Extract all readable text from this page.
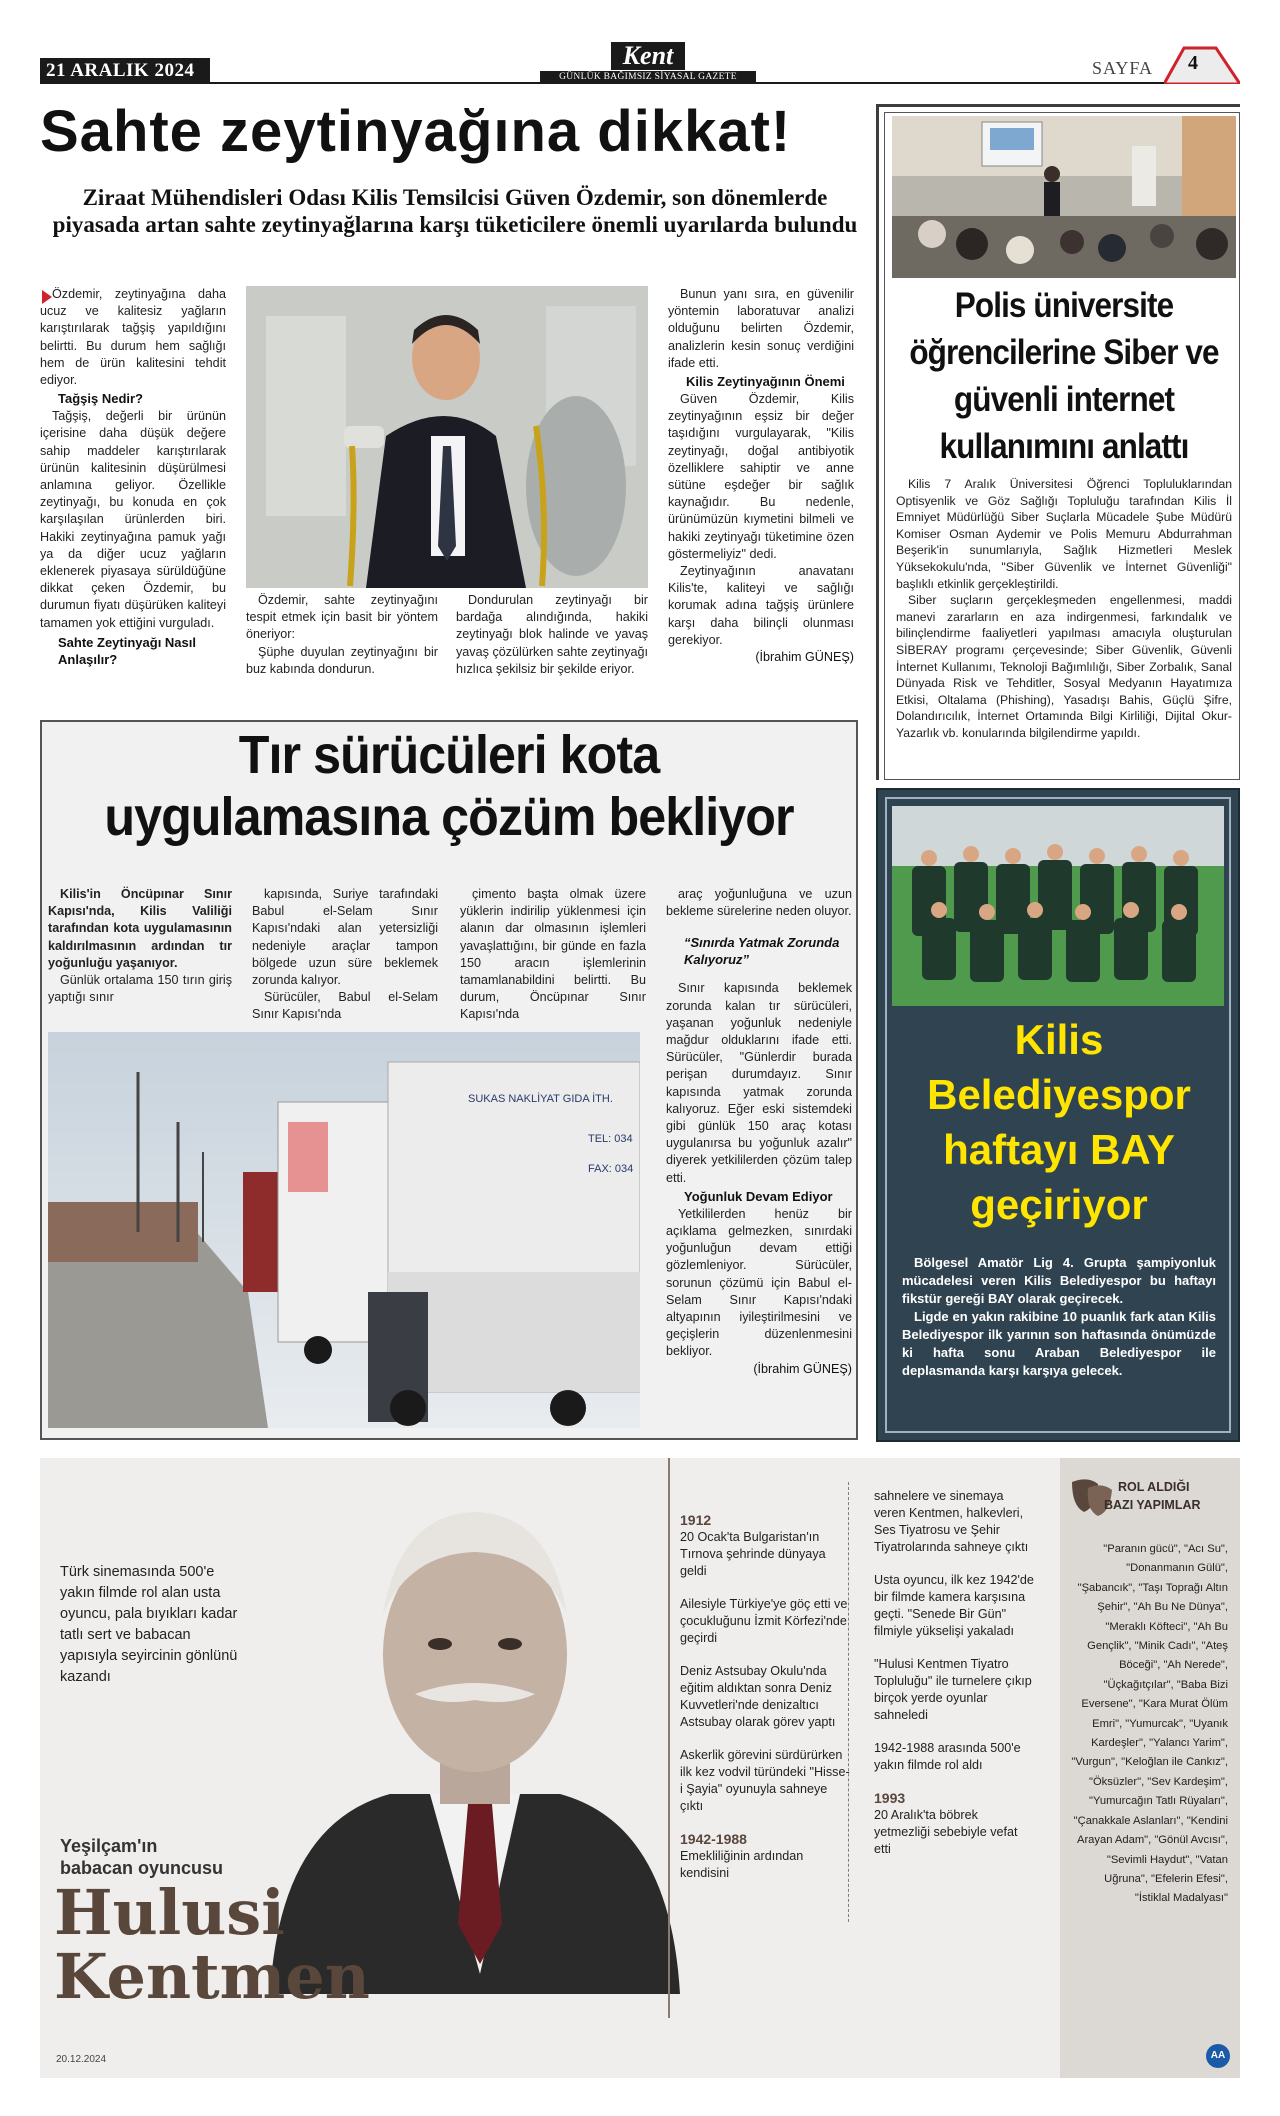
21 ARALIK 2024
Kent
GÜNLÜK BAĞIMSIZ SİYASAL GAZETE	SAYFA	4
Sahte zeytinyağına dikkat!
Ziraat Mühendisleri Odası Kilis Temsilcisi Güven Özdemir, son dönemlerde piyasada artan sahte zeytinyağlarına karşı tüketicilere önemli uyarılarda bulundu

Özdemir, zeytinyağına daha ucuz ve kalitesiz yağların karıştırılarak tağşiş yapıldığını belirtti. Bu durum hem sağlığı hem de ürün kalitesini tehdit ediyor.

Tağşiş Nedir?

Tağşiş, değerli bir ürünün içerisine daha düşük değere sahip maddeler karıştırılarak ürünün kalitesinin düşürülmesi anlamına geliyor. Özellikle zeytinyağı, bu konuda en çok karşılaşılan ürünlerden biri. Hakiki zeytinyağına pamuk yağı ya da diğer ucuz yağların eklenerek piyasaya sürüldüğüne dikkat çeken Özdemir, bu durumun fiyatı düşürüken kaliteyi tamamen yok ettiğini vurguladı.

Sahte Zeytinyağı Nasıl Anlaşılır?

Özdemir, sahte zeytinyağını tespit etmek için basit bir yöntem öneriyor:

Şüphe duyulan zeytinyağını bir buz kabında dondurun.

Dondurulan zeytinyağı bir bardağa alındığında, hakiki zeytinyağı blok halinde ve yavaş yavaş çözülürken sahte zeytinyağı hızlıca şekilsiz bir şekilde eriyor.

Bunun yanı sıra, en güvenilir yöntemin laboratuvar analizi olduğunu belirten Özdemir, analizlerin kesin sonuç verdiğini ifade etti.

Kilis Zeytinyağının Önemi

Güven Özdemir, Kilis zeytinyağının eşsiz bir değer taşıdığını vurgulayarak, "Kilis zeytinyağı, doğal antibiyotik özelliklere sahiptir ve anne sütüne eşdeğer bir sağlık kaynağıdır. Bu nedenle, ürünümüzün kıymetini bilmeli ve hakiki zeytinyağı tüketimine özen göstermeliyiz" dedi.

Zeytinyağının anavatanı Kilis'te, kaliteyi ve sağlığı korumak adına tağşiş ürünlere karşı daha bilinçli olunması gerekiyor.

(İbrahim GÜNEŞ)
Polis üniversite öğrencilerine Siber ve güvenli internet kullanımını anlattı

Kilis 7 Aralık Üniversitesi Öğrenci Topluluklarından Optisyenlik ve Göz Sağlığı Topluluğu tarafından Kilis İl Emniyet Müdürlüğü Siber Suçlarla Mücadele Şube Müdürü Komiser Osman Aydemir ve Polis Memuru Abdurrahman Beşerik'in sunumlarıyla, Sağlık Hizmetleri Meslek Yüksekokulu'nda, "Siber Güvenlik ve İnternet Güvenliği" başlıklı etkinlik gerçekleştirildi.

Siber suçların gerçekleşmeden engellenmesi, maddi manevi zararların en aza indirgenmesi, farkındalık ve bilinçlendirme faaliyetleri yapılması amacıyla oluşturulan SİBERAY programı çerçevesinde; Siber Güvenlik, Güvenli İnternet Kullanımı, Teknoloji Bağımlılığı, Siber Zorbalık, Sanal Dünyada Risk ve Tehditler, Sosyal Medyanın Hayatımıza Etkisi, Oltalama (Phishing), Yasadışı Bahis, Güçlü Şifre, Dolandırıcılık, İnternet Ortamında Bilgi Kirliliği, Dijital Okur-Yazarlık vb. konularında bilgilendirme yapıldı.

Tır sürücüleri kota uygulamasına çözüm bekliyor

Kilis'in Öncüpınar Sınır Kapısı'nda, Kilis Valiliği tarafından kota uygulamasının kaldırılmasının ardından tır yoğunluğu yaşanıyor.

Günlük ortalama 150 tırın giriş yaptığı sınır

kapısında, Suriye tarafındaki Babul el-Selam Sınır Kapısı'ndaki alan yetersizliği nedeniyle araçlar tampon bölgede uzun süre beklemek zorunda kalıyor.

Sürücüler, Babul el-Selam Sınır Kapısı'nda

çimento başta olmak üzere yüklerin indirilip yüklenmesi için alanın dar olmasının işlemleri yavaşlattığını, bir günde en fazla 150 aracın işlemlerinin tamamlanabildini belirtti. Bu durum, Öncüpınar Sınır Kapısı'nda

araç yoğunluğuna ve uzun bekleme sürelerine neden oluyor.

“Sınırda Yatmak Zorunda Kalıyoruz”

Sınır kapısında beklemek zorunda kalan tır sürücüleri, yaşanan yoğunluk nedeniyle mağdur olduklarını ifade etti. Sürücüler, "Günlerdir burada perişan durumdayız. Sınır kapısında yatmak zorunda kalıyoruz. Eğer eski sistemdeki gibi günlük 150 araç kotası uygulanırsa bu yoğunluk azalır" diyerek yetkililerden çözüm talep etti.

Yoğunluk Devam Ediyor

Yetkililerden henüz bir açıklama gelmezken, sınırdaki yoğunluğun devam ettiği gözlemleniyor. Sürücüler, sorunun çözümü için Babul el-Selam Sınır Kapısı'ndaki altyapının iyileştirilmesini ve geçişlerin düzenlenmesini bekliyor.

(İbrahim GÜNEŞ)
SUKAS NAKLİYAT GIDA İTH.
TEL: 034
FAX: 034
Kilis Belediyespor haftayı BAY geçiriyor

Bölgesel Amatör Lig 4. Grupta şampiyonluk mücadelesi veren Kilis Belediyespor bu haftayı fikstür gereği BAY olarak geçirecek.

Ligde en yakın rakibine 10 puanlık fark atan Kilis Belediyespor ilk yarının son haftasında önümüzde ki hafta sonu Araban Belediyespor ile deplasmanda karşı karşıya gelecek.

Türk sinemasında 500'e yakın filmde rol alan usta oyuncu, pala bıyıkları kadar tatlı sert ve babacan yapısıyla seyircinin gönlünü kazandı
Yeşilçam'ın
babacan oyuncusu
Hulusi
Kentmen
20.12.2024	AA
1912
20 Ocak'ta Bulgaristan'ın Tırnova şehrinde dünyaya geldi
Ailesiyle Türkiye'ye göç etti ve çocukluğunu İzmit Körfezi'nde geçirdi
Deniz Astsubay Okulu'nda eğitim aldıktan sonra Deniz Kuvvetleri'nde denizaltıcı Astsubay olarak görev yaptı
Askerlik görevini sürdürürken ilk kez vodvil türündeki "Hisse-i Şayia" oyunuyla sahneye çıktı
1942-1988
Emekliliğinin ardından kendisini
sahnelere ve sinemaya veren Kentmen, halkevleri, Ses Tiyatrosu ve Şehir Tiyatrolarında sahneye çıktı
Usta oyuncu, ilk kez 1942'de bir filmde kamera karşısına geçti. "Senede Bir Gün" filmiyle yükselişi yakaladı
"Hulusi Kentmen Tiyatro Topluluğu" ile turnelere çıkıp birçok yerde oyunlar sahneledi
1942-1988 arasında 500'e yakın filmde rol aldı
1993
20 Aralık'ta böbrek yetmezliği sebebiyle vefat etti
ROL ALDIĞI
BAZI YAPIMLAR
"Paranın gücü", "Acı Su", "Donanmanın Gülü", "Şabancık", "Taşı Toprağı Altın Şehir", "Ah Bu Ne Dünya", "Meraklı Köfteci", "Ah Bu Gençlik", "Minik Cadı", "Ateş Böceği", "Ah Nerede", "Üçkağıtçılar", "Baba Bizi Eversene", "Kara Murat Ölüm Emri", "Yumurcak", "Uyanık Kardeşler", "Yalancı Yarim", "Vurgun", "Keloğlan ile Cankız", "Öksüzler", "Sev Kardeşim", "Yumurcağın Tatlı Rüyaları", "Çanakkale Aslanları", "Kendini Arayan Adam", "Gönül Avcısı", "Sevimli Haydut", "Vatan Uğruna", "Efelerin Efesi", "İstiklal Madalyası"
